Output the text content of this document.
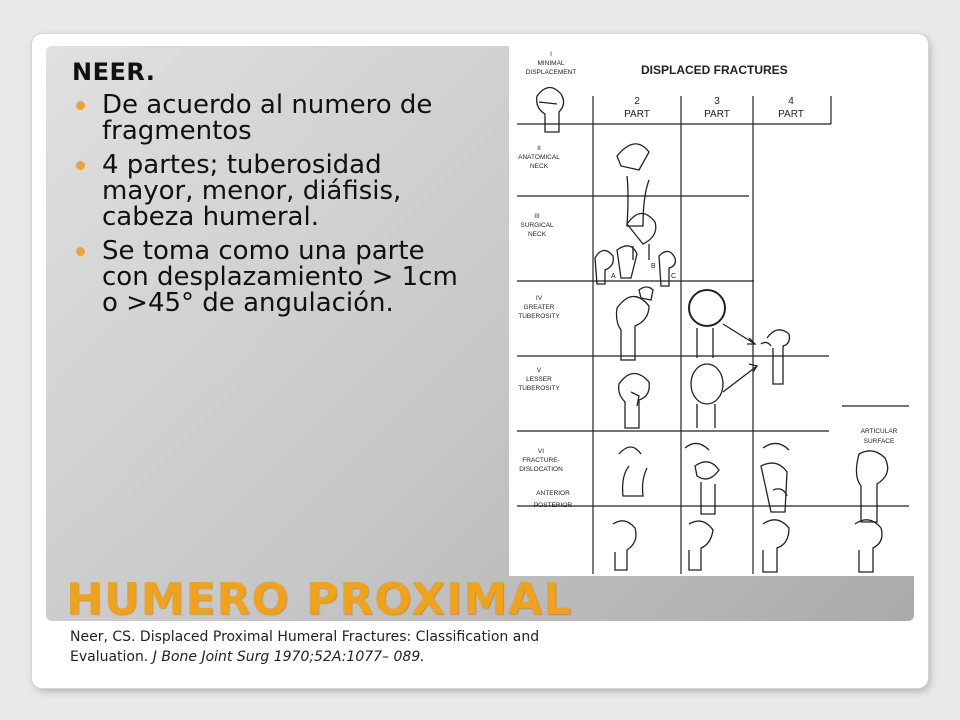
NEER.
De acuerdo al numero de fragmentos
4 partes; tuberosidad mayor, menor, diáfisis, cabeza humeral.
Se toma como una parte con desplazamiento > 1cm o >45° de angulación.
DISPLACED FRACTURES
2
PART
3
PART
4
PART
I
MINIMAL
DISPLACEMENT
II
ANATOMICAL
NECK
III
SURGICAL
NECK
IV
GREATER
TUBEROSITY
V
LESSER
TUBEROSITY
VI
FRACTURE-
DISLOCATION
ANTERIOR
POSTERIOR
ARTICULAR
SURFACE
A
B
C
HUMERO PROXIMAL
Neer, CS. Displaced Proximal Humeral Fractures: Classification and Evaluation. J Bone Joint Surg 1970;52A:1077– 089.
